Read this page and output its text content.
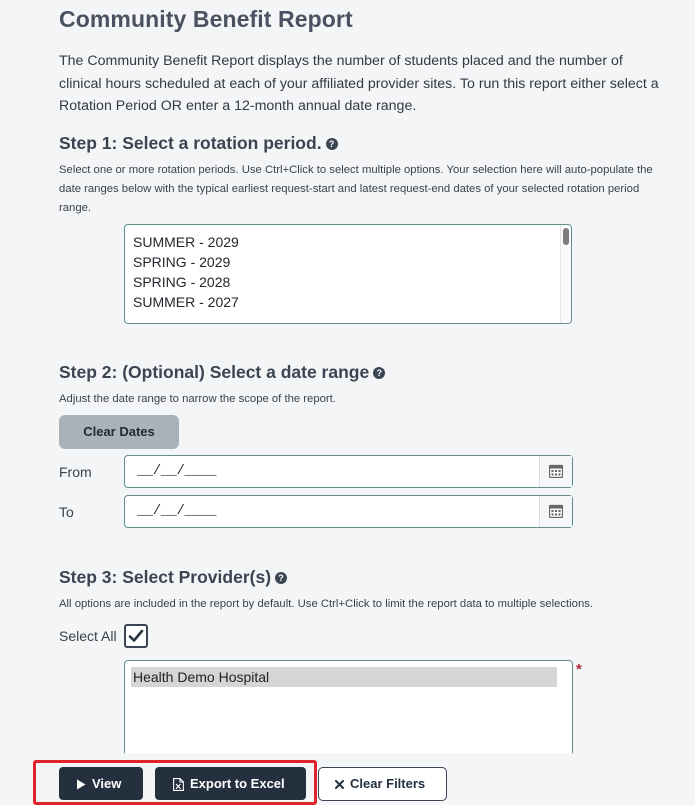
Community Benefit Report

The Community Benefit Report displays the number of students placed and the number of clinical hours scheduled at each of your affiliated provider sites. To run this report either select a Rotation Period OR enter a 12-month annual date range.

Step 1: Select a rotation period. ?

Select one or more rotation periods. Use Ctrl+Click to select multiple options. Your selection here will auto-populate the date ranges below with the typical earliest request-start and latest request-end dates of your selected rotation period range.

SUMMER - 2029
SPRING - 2029
SPRING - 2028
SUMMER - 2027
Step 2: (Optional) Select a date range ?

Adjust the date range to narrow the scope of the report.

Clear Dates
From	__/__/____
To	__/__/____
Step 3: Select Provider(s) ?

All options are included in the report by default. Use Ctrl+Click to limit the report data to multiple selections.

Select All
Health Demo Hospital	*
View	Export to Excel	Clear Filters
